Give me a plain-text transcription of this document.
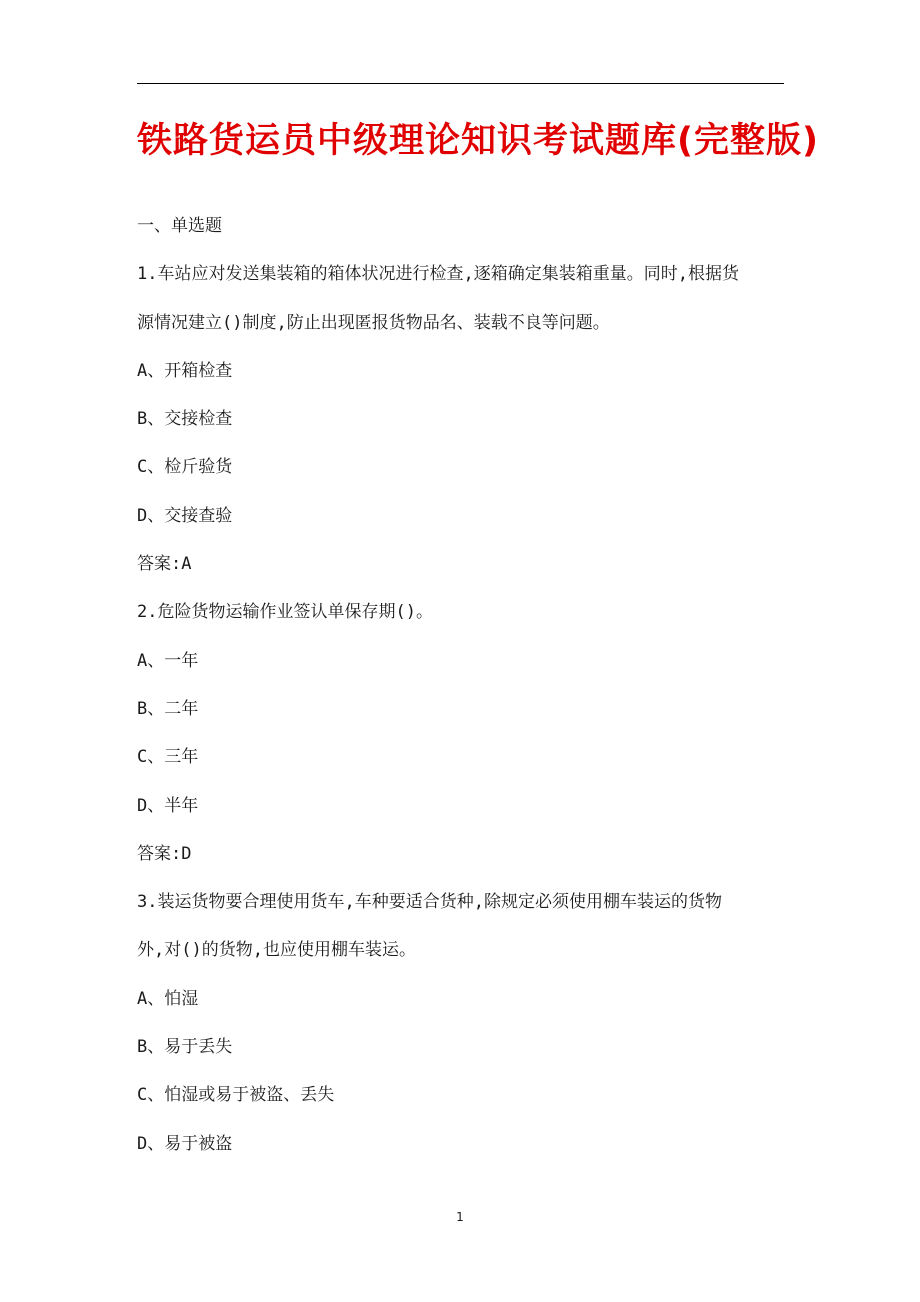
铁路货运员中级理论知识考试题库(完整版)
一、单选题
1.车站应对发送集装箱的箱体状况进行检查,逐箱确定集装箱重量。同时,根据货
源情况建立()制度,防止出现匿报货物品名、装载不良等问题。
A、开箱检查
B、交接检查
C、检斤验货
D、交接查验
答案:A
2.危险货物运输作业签认单保存期()。
A、一年
B、二年
C、三年
D、半年
答案:D
3.装运货物要合理使用货车,车种要适合货种,除规定必须使用棚车装运的货物
外,对()的货物,也应使用棚车装运。
A、怕湿
B、易于丢失
C、怕湿或易于被盗、丢失
D、易于被盗
1
